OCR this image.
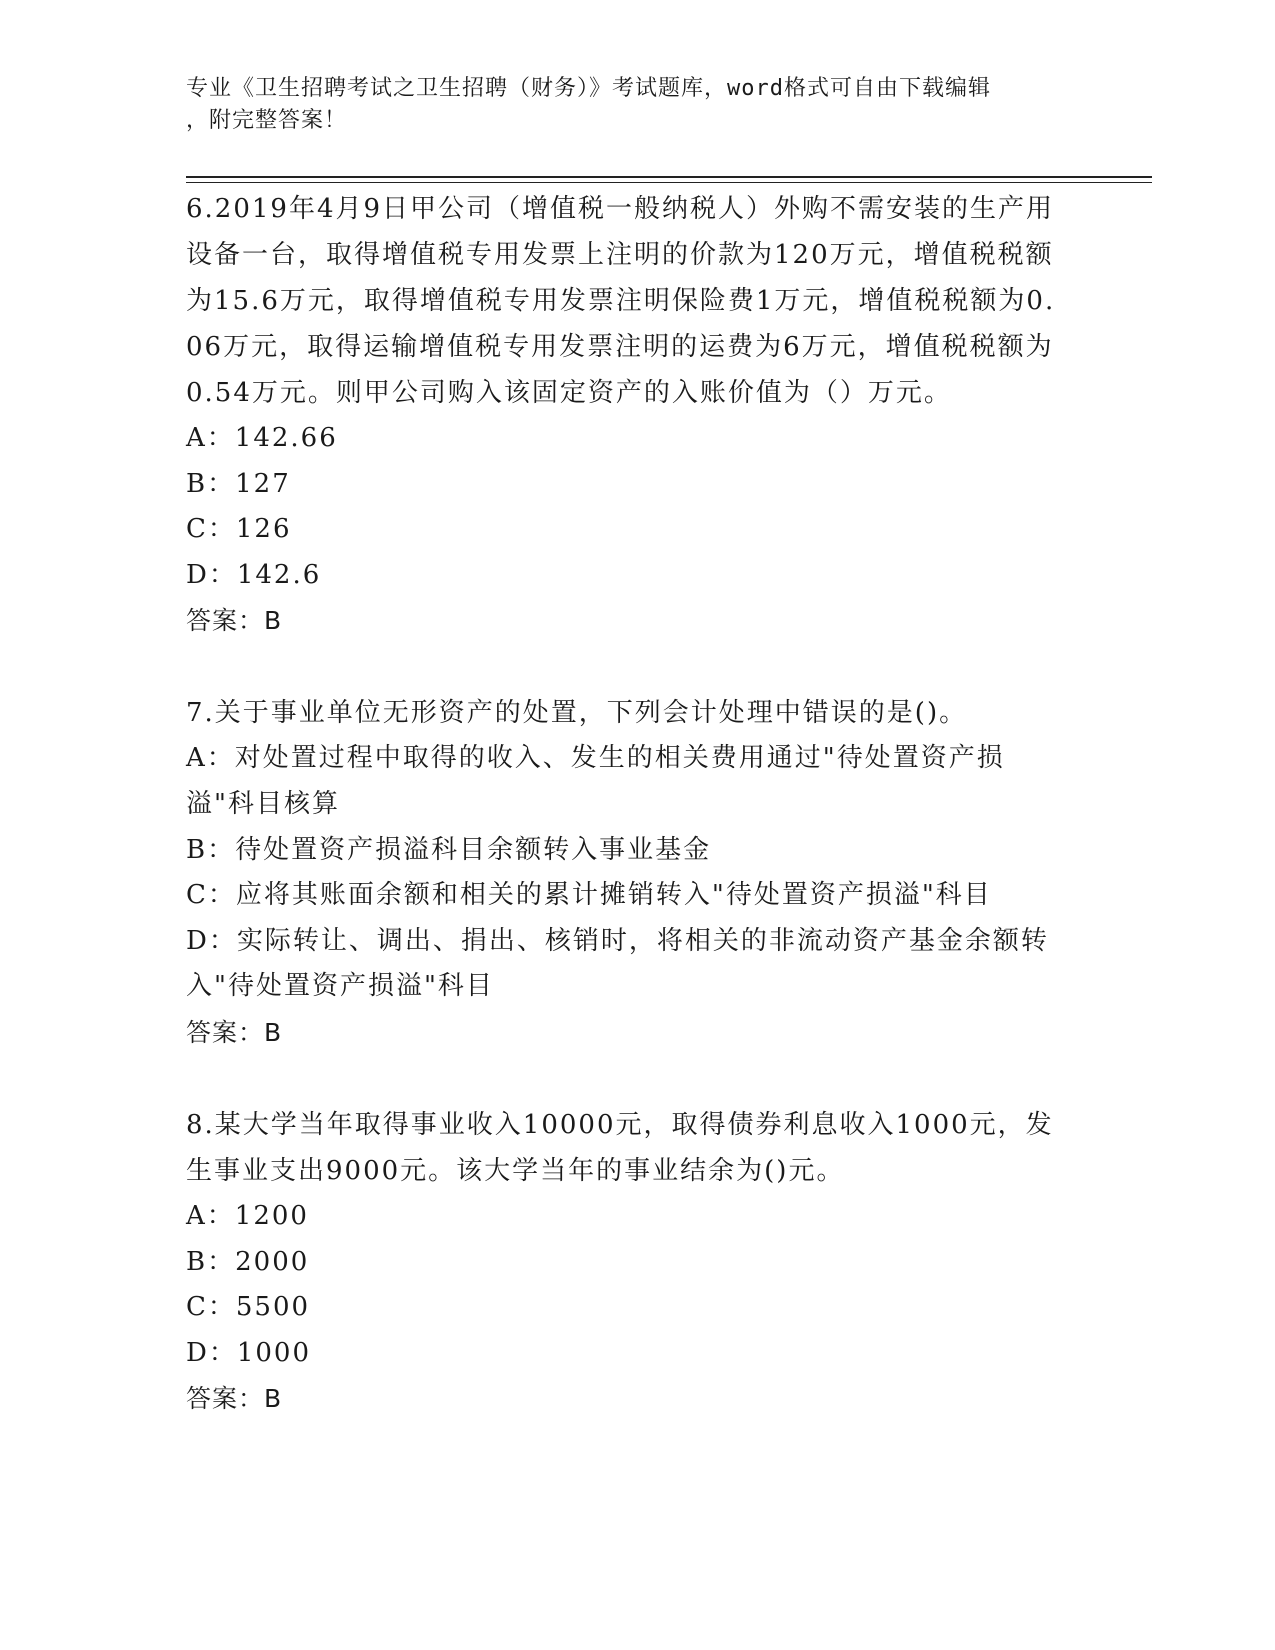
专业《卫生招聘考试之卫生招聘（财务）》考试题库，word格式可自由下载编辑
，附完整答案！

6.2019年4月9日甲公司（增值税一般纳税人）外购不需安装的生产用设备一台，取得增值税专用发票上注明的价款为120万元，增值税税额为15.6万元，取得增值税专用发票注明保险费1万元，增值税税额为0.06万元，取得运输增值税专用发票注明的运费为6万元，增值税税额为0.54万元。则甲公司购入该固定资产的入账价值为（）万元。

A：142.66

B：127

C：126

D：142.6

答案：B

7.关于事业单位无形资产的处置，下列会计处理中错误的是()。

A：对处置过程中取得的收入、发生的相关费用通过"待处置资产损溢"科目核算

B：待处置资产损溢科目余额转入事业基金

C：应将其账面余额和相关的累计摊销转入"待处置资产损溢"科目

D：实际转让、调出、捐出、核销时，将相关的非流动资产基金余额转入"待处置资产损溢"科目

答案：B

8.某大学当年取得事业收入10000元，取得债券利息收入1000元，发生事业支出9000元。该大学当年的事业结余为()元。

A：1200

B：2000

C：5500

D：1000

答案：B
